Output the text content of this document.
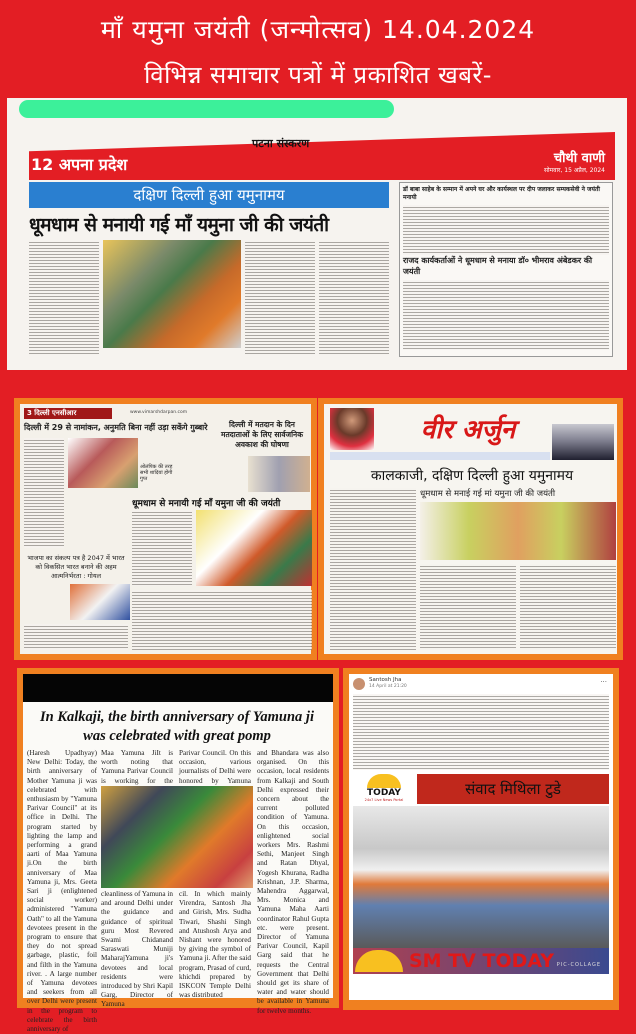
माँ यमुना जयंती (जन्मोत्सव) 14.04.2024
विभिन्न समाचार पत्रों में प्रकाशित खबरें-
पटना संस्करण
12 अपना प्रदेश	चौथी वाणी
सोमवार, 15 अप्रैल, 2024
दक्षिण दिल्ली हुआ यमुनामय
धूमधाम से मनायी गई माँ यमुना जी की जयंती
डॉ बाबा साहेब के सम्मान में अपने घर और कार्यस्थल पर दीप जलाकर सम्यकसेवी ने जयंती मनायी
राजद कार्यकर्ताओं ने धूमधाम से मनाया डॉ० भीमराव अंबेडकर की जयंती
3 दिल्ली एनसीआर	www.vimarshdarpan.com
दिल्ली में 29 से नामांकन, अनुमति बिना नहीं उड़ा सकेंगे गुब्बारे	दिल्ली में मतदान के दिन मतदाताओं के लिए सार्वजनिक अवकाश की घोषणा
ओलंपिक की तरह सभी शादियां होंगी गुप्त
धूमधाम से मनायी गई माँ यमुना जी की जयंती
भाजपा का संकल्प पत्र है 2047 में भारत को विकसित भारत बनाने की अहम आत्मनिर्भरता : गोयल
वीर अर्जुन
कालकाजी, दक्षिण दिल्ली हुआ यमुनामय
धूमधाम से मनाई गई मां यमुना जी की जयंती
In Kalkaji, the birth anniversary of Yamuna ji was celebrated with great pomp
(Haresh Upadhyay) New Delhi: Today, the birth anniversary of Mother Yamuna ji was celebrated with enthusiasm by "Yamuna Parivar Council" at its office in Delhi. The program started by lighting the lamp and performing a grand aarti of Maa Yamuna ji.On the birth anniversary of Maa Yamuna ji, Mrs. Geeta Sari ji (enlightened social worker) administered "Yamuna Oath" to all the Yamuna devotees present in the program to ensure that they do not spread garbage, plastic, foil and filth in the Yamuna river. . A large number of Yamuna devotees and seekers from all over Delhi were present in the program to celebrate the birth anniversary of
Maa Yamuna JiIt is worth noting that Yamuna Parivar Council is working for the
Parivar Council. On this occasion, various journalists of Delhi were honored by Yamuna
cleanliness of Yamuna in and around Delhi under the guidance and guidance of spiritual guru Most Revered Swami Chidanand Saraswati Muniji MaharajYamuna ji's devotees and local residents were introduced by Shri Kapil Garg, Director of Yamuna
cil. In which mainly Virendra, Santosh Jha and Girish, Mrs. Sudha Tiwari, Shashi Singh and Atushosh Arya and Nishant were honored by giving the symbol of Yamuna ji. After the said program, Prasad of curd, khichdi prepared by ISKCON Temple Delhi was distributed
and Bhandara was also organised. On this occasion, local residents from Kalkaji and South Delhi expressed their concern about the current polluted condition of Yamuna. On this occasion, enlightened social workers Mrs. Rashmi Sethi, Manjeet Singh and Ratan Dhyal, Yogesh Khurana, Radha Krishnan, J.P. Sharma, Mahendra Aggarwal, Mrs. Monica and Yamuna Maha Aarti coordinator Rahul Gupta etc. were present. Director of Yamuna Parivar Council, Kapil Garg said that he requests the Central Government that Delhi should get its share of water and water should be available in Yamuna for twelve months.
Santosh Jha
14 April at 21:20
···
TODAY
24x7 Live News Portal
संवाद मिथिला टुडे
SM TV TODAY PIC-COLLAGE
